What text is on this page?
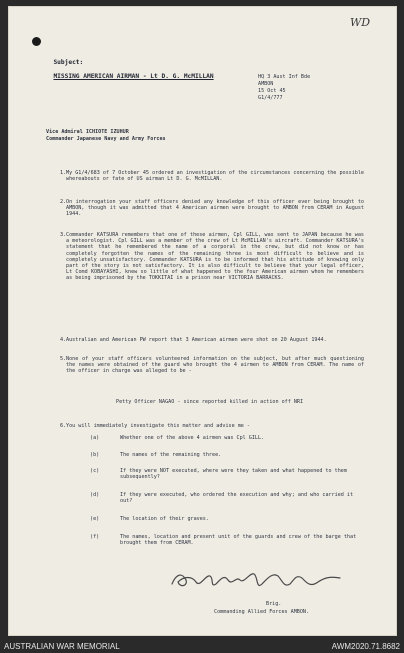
WD

Subject:

MISSING AMERICAN AIRMAN - Lt D. G. McMILLAN	HQ 3 Aust Inf Bde
AMBON
15 Oct 45
G1/4/777
Vice Admiral ICHIOTE IZUHUR
Commander Japanese Navy and Army Forces
1. My G1/4/683 of 7 October 45 ordered an investigation of the circumstances concerning the possible whereabouts or fate of US airman Lt D. G. McMILLAN.
2. On interrogation your staff officers denied any knowledge of this officer ever being brought to AMBON, though it was admitted that 4 American airmen were brought to AMBON from CERAM in August 1944.
3. Commander KATSURA remembers that one of these airmen, Cpl GILL, was sent to JAPAN because he was a meteorologist. Cpl GILL was a member of the crew of Lt McMILLAN's aircraft. Commander KATSURA's statement that he remembered the name of a corporal in the crew, but did not know or has completely forgotten the names of the remaining three is most difficult to believe and is completely unsatisfactory. Commander KATSURA is to be informed that his attitude of knowing only part of the story is not satisfactory. It is also difficult to believe that your legal officer, Lt Comd KOBAYASHI, knew so little of what happened to the four American airmen whom he remembers as being imprisoned by the TOKKITAI in a prison near VICTORIA BARRACKS.
4. Australian and American PW report that 3 American airmen were shot on 20 August 1944.
5. None of your staff officers volunteered information on the subject, but after much questioning the names were obtained of the guard who brought the 4 airmen to AMBON from CERAM. The name of the officer in charge was alleged to be -
Petty Officer NAGAO - since reported killed in action off NRI
6. You will immediately investigate this matter and advise me -
(a)	Whether one of the above 4 airmen was Cpl GILL.
(b)	The names of the remaining three.
(c)	If they were NOT executed, where were they taken and what happened to them subsequently?
(d)	If they were executed, who ordered the execution and why; and who carried it out?
(e)	The location of their graves.
(f)	The names, location and present unit of the guards and crew of the barge that brought them from CERAM.
Brig.
Commanding Allied Forces AMBON.
AUSTRALIAN WAR MEMORIAL	AWM2020.71.8682
